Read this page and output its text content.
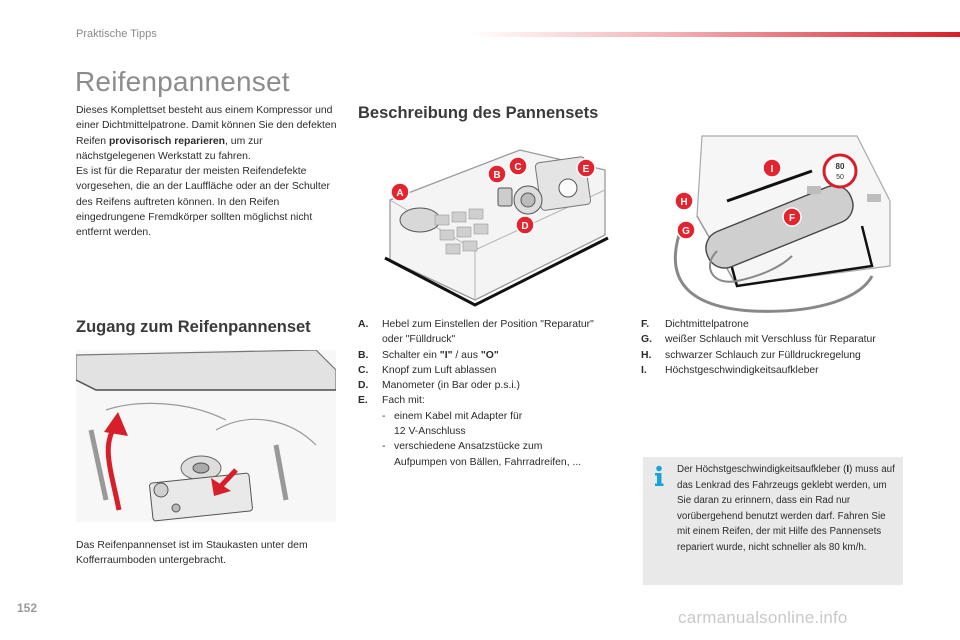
Praktische Tipps
Reifenpannenset

Dieses Komplettset besteht aus einem Kompressor und einer Dichtmittelpatrone. Damit können Sie den defekten Reifen provisorisch reparieren, um zur nächstgelegenen Werkstatt zu fahren.

Es ist für die Reparatur der meisten Reifendefekte vorgesehen, die an der Lauffläche oder an der Schulter des Reifens auftreten können. In den Reifen eingedrungene Fremdkörper sollten möglichst nicht entfernt werden.

Beschreibung des Pannensets
A
B
C
D
E	80
50
I
H
F
G
Zugang zum Reifenpannenset	A.	Hebel zum Einstellen der Position "Reparatur"
oder "Fülldruck"
B.	Schalter ein "I" / aus "O"
C.	Knopf zum Luft ablassen
D.	Manometer (in Bar oder p.s.i.)
E.	Fach mit:
- einem Kabel mit Adapter für
12 V-Anschluss
- verschiedene Ansatzstücke zum
Aufpumpen von Bällen, Fahrradreifen, ...
F.	Dichtmittelpatrone
G.	weißer Schlauch mit Verschluss für Reparatur
H.	schwarzer Schlauch zur Fülldruckregelung
I.	Höchstgeschwindigkeitsaufkleber
Das Reifenpannenset ist im Staukasten unter dem Kofferraumboden untergebracht.
Der Höchstgeschwindigkeitsaufkleber (I) muss auf das Lenkrad des Fahrzeugs geklebt werden, um Sie daran zu erinnern, dass ein Rad nur vorübergehend benutzt werden darf. Fahren Sie mit einem Reifen, der mit Hilfe des Pannensets repariert wurde, nicht schneller als 80 km/h.
152	carmanualsonline.info
